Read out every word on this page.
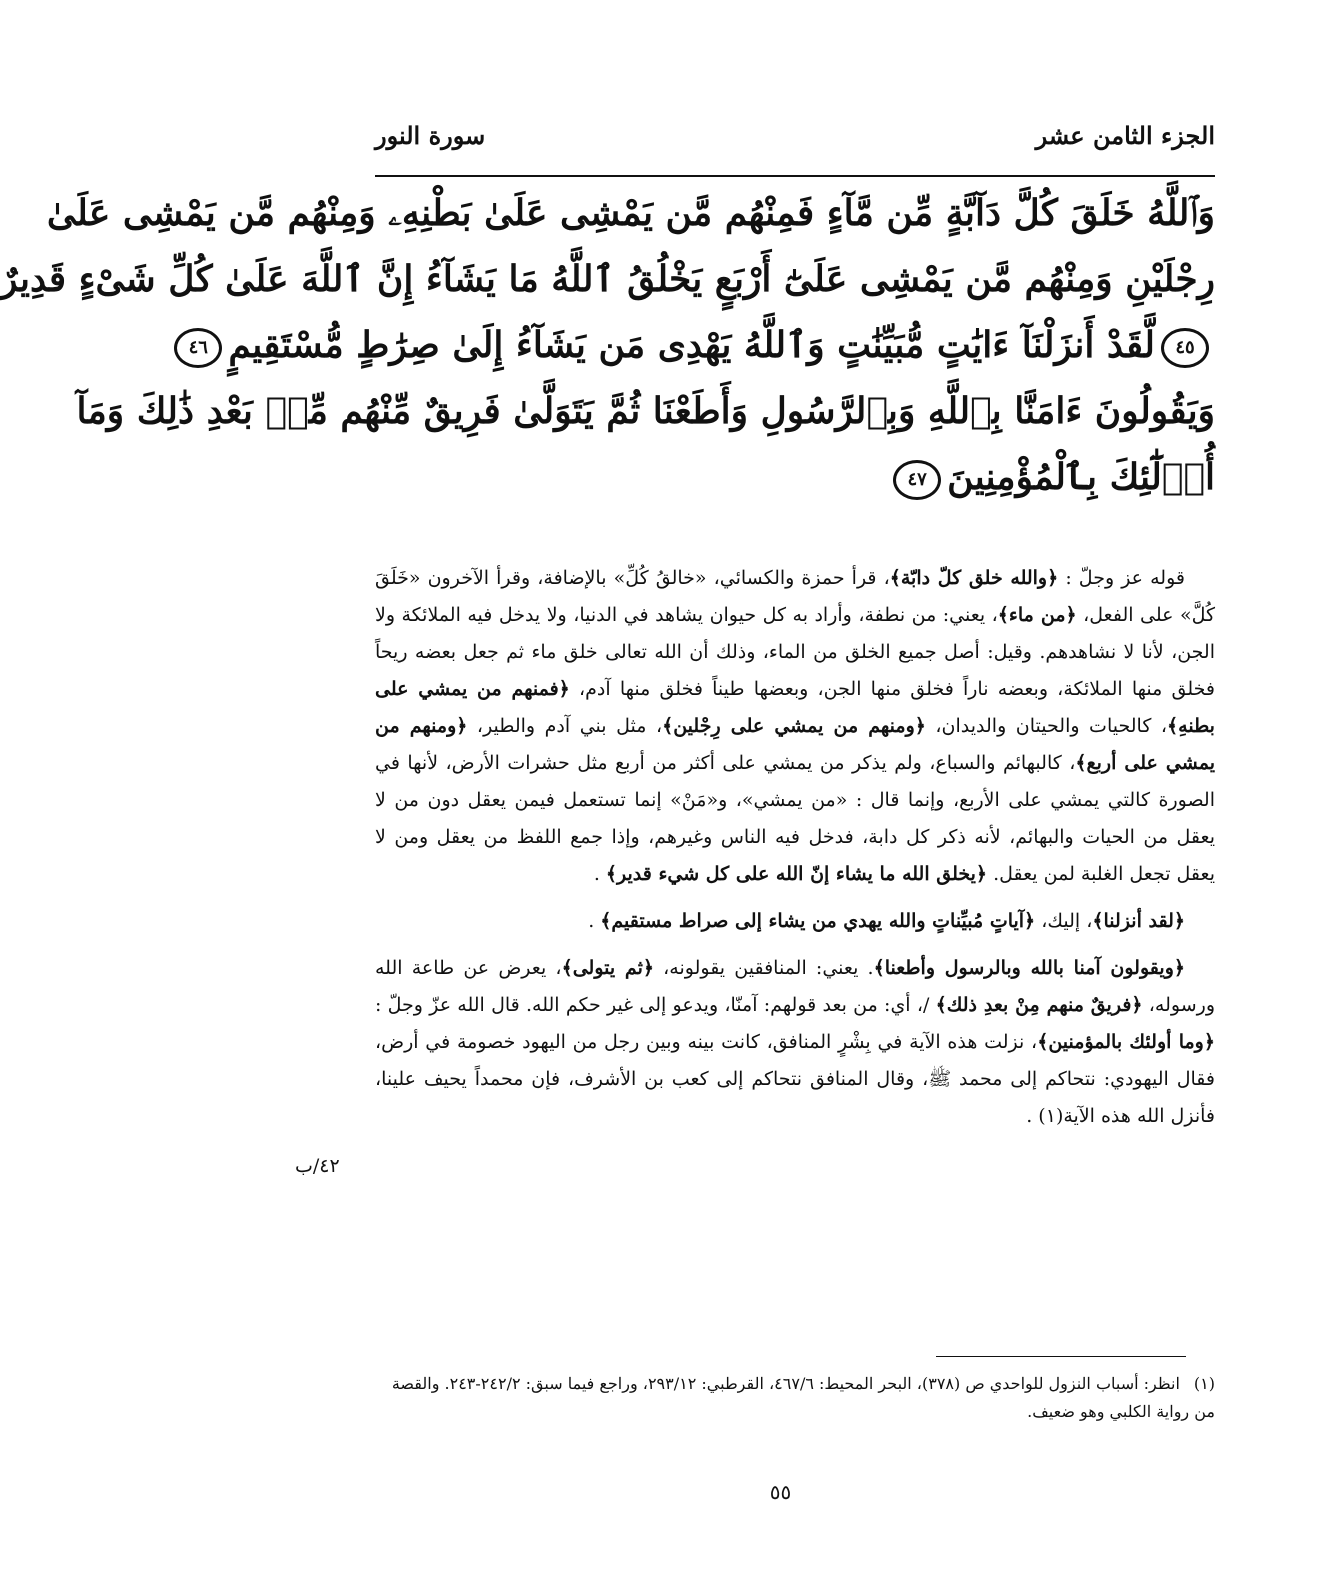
الجزء الثامن عشر
سورة النور
وَٱللَّهُ خَلَقَ كُلَّ دَآبَّةٍ مِّن مَّآءٍ فَمِنْهُم مَّن يَمْشِى عَلَىٰ بَطْنِهِۦ وَمِنْهُم مَّن يَمْشِى عَلَىٰ
رِجْلَيْنِ وَمِنْهُم مَّن يَمْشِى عَلَىٰٓ أَرْبَعٍ يَخْلُقُ ٱللَّهُ مَا يَشَآءُ إِنَّ ٱللَّهَ عَلَىٰ كُلِّ شَىْءٍ قَدِيرٌ
٤٥لَّقَدْ أَنزَلْنَآ ءَايَٰتٍ مُّبَيِّنَٰتٍ وَٱللَّهُ يَهْدِى مَن يَشَآءُ إِلَىٰ صِرَٰطٍ مُّسْتَقِيمٍ٤٦
وَيَقُولُونَ ءَامَنَّا بِٱللَّهِ وَبِٱلرَّسُولِ وَأَطَعْنَا ثُمَّ يَتَوَلَّىٰ فَرِيقٌ مِّنْهُم مِّنۢ بَعْدِ ذَٰلِكَ وَمَآ
أُو۟لَٰٓئِكَ بِٱلْمُؤْمِنِينَ٤٧

قوله عز وجلّ : ﴿والله خلق كلّ دابّة﴾، قرأ حمزة والكسائي، «خالقُ كُلِّ» بالإضافة، وقرأ الآخرون «خَلَقَ كُلَّ» على الفعل، ﴿من ماء﴾، يعني: من نطفة، وأراد به كل حيوان يشاهد في الدنيا، ولا يدخل فيه الملائكة ولا الجن، لأنا لا نشاهدهم. وقيل: أصل جميع الخلق من الماء، وذلك أن الله تعالى خلق ماء ثم جعل بعضه ريحاً فخلق منها الملائكة، وبعضه ناراً فخلق منها الجن، وبعضها طيناً فخلق منها آدم، ﴿فمنهم من يمشي على بطنهِ﴾، كالحيات والحيتان والديدان، ﴿ومنهم من يمشي على رِجْلين﴾، مثل بني آدم والطير، ﴿ومنهم من يمشي على أربع﴾، كالبهائم والسباع، ولم يذكر من يمشي على أكثر من أربع مثل حشرات الأرض، لأنها في الصورة كالتي يمشي على الأربع، وإنما قال : «من يمشي»، و«مَنْ» إنما تستعمل فيمن يعقل دون من لا يعقل من الحيات والبهائم، لأنه ذكر كل دابة، فدخل فيه الناس وغيرهم، وإذا جمع اللفظ من يعقل ومن لا يعقل تجعل الغلبة لمن يعقل. ﴿يخلق الله ما يشاء إنّ الله على كل شيء قدير﴾ .

﴿لقد أنزلنا﴾، إليك، ﴿آياتٍ مُبيِّناتٍ والله يهدي من يشاء إلى صراط مستقيم﴾ .

﴿ويقولون آمنا بالله وبالرسول وأطعنا﴾. يعني: المنافقين يقولونه، ﴿ثم يتولى﴾، يعرض عن طاعة الله ورسوله، ﴿فريقٌ منهم مِنْ بعدِ ذلك﴾ /، أي: من بعد قولهم: آمنّا، ويدعو إلى غير حكم الله. قال الله عزّ وجلّ : ﴿وما أولئك بالمؤمنين﴾، نزلت هذه الآية في بِشْرٍ المنافق، كانت بينه وبين رجل من اليهود خصومة في أرض، فقال اليهودي: نتحاكم إلى محمد ﷺ، وقال المنافق نتحاكم إلى كعب بن الأشرف، فإن محمداً يحيف علينا، فأنزل الله هذه الآية(١) .

٤٢/ب
(١)انظر: أسباب النزول للواحدي ص (٣٧٨)، البحر المحيط: ٤٦٧/٦، القرطبي: ٢٩٣/١٢، وراجع فيما سبق: ٢٤٢/٢-٢٤٣. والقصة من رواية الكلبي وهو ضعيف.
٥٥
